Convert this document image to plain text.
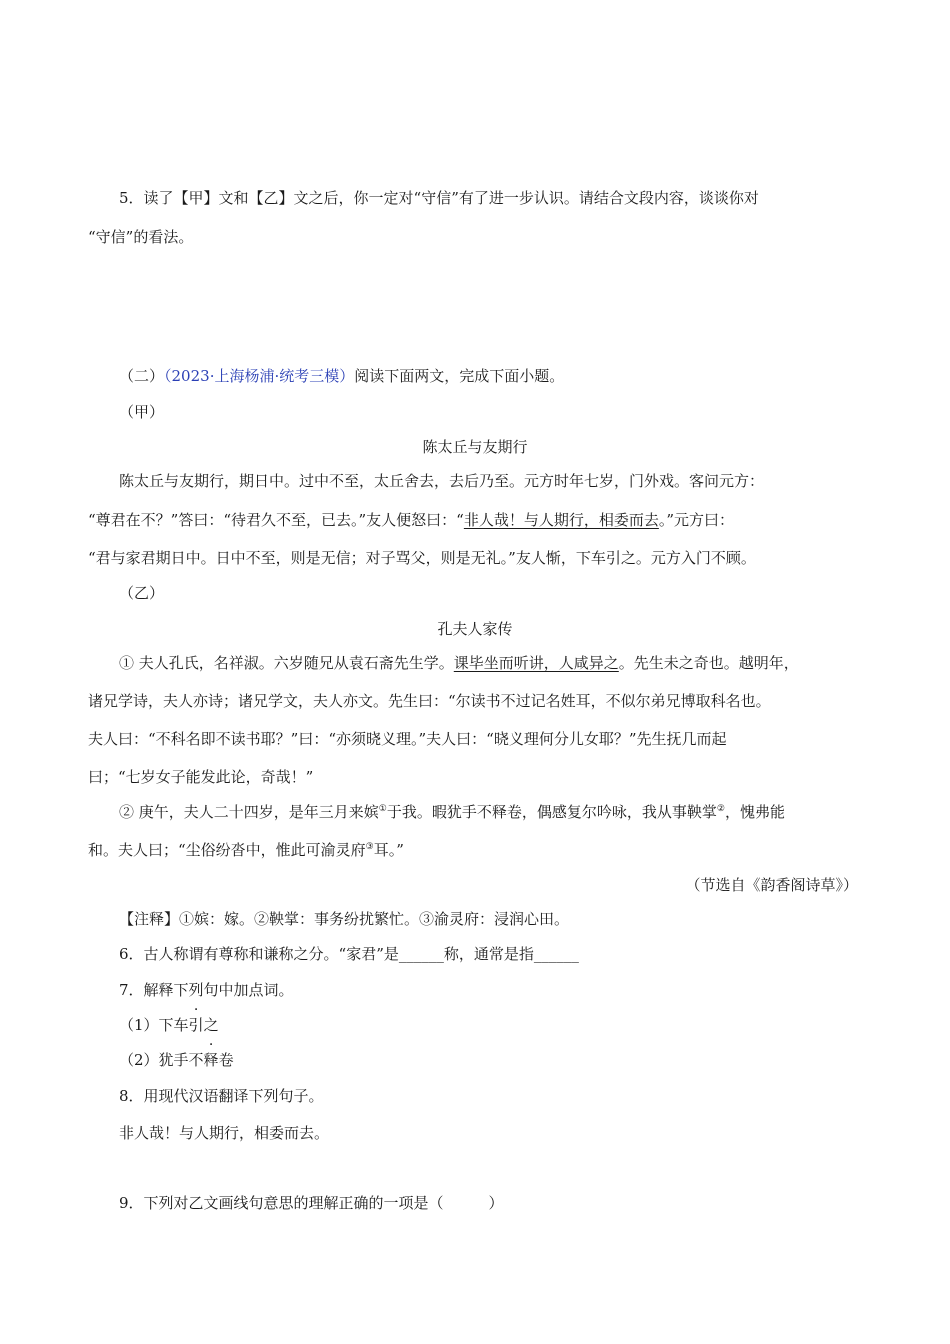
5．读了【甲】文和【乙】文之后，你一定对“守信”有了进一步认识。请结合文段内容，谈谈你对
“守信”的看法。
（二）（2023·上海杨浦·统考三模）阅读下面两文，完成下面小题。
（甲）
陈太丘与友期行
陈太丘与友期行，期日中。过中不至，太丘舍去，去后乃至。元方时年七岁，门外戏。客问元方：
“尊君在不？”答曰：“待君久不至，已去。”友人便怒曰：“非人哉！与人期行，相委而去。”元方曰：
“君与家君期日中。日中不至，则是无信；对子骂父，则是无礼。”友人惭，下车引之。元方入门不顾。
（乙）
孔夫人家传
① 夫人孔氏，名祥淑。六岁随兄从袁石斋先生学。课毕坐而听讲，人咸异之。先生未之奇也。越明年，
诸兄学诗，夫人亦诗；诸兄学文，夫人亦文。先生曰：“尔读书不过记名姓耳，不似尔弟兄博取科名也。
夫人曰：“不科名即不读书耶？”曰：“亦须晓义理。”夫人曰：“晓义理何分儿女耶？”先生抚几而起
曰；“七岁女子能发此论，奇哉！”
② 庚午，夫人二十四岁，是年三月来嫔①于我。暇犹手不释卷，偶感复尔吟咏，我从事鞅掌②，愧弗能
和。夫人曰；“尘俗纷沓中，惟此可渝灵府③耳。”
（节选自《韵香阁诗草》）
【注释】①嫔：嫁。②鞅掌：事务纷扰繁忙。③渝灵府：浸润心田。
6．古人称谓有尊称和谦称之分。“家君”是______称，通常是指______
7．解释下列句中加点词。
（1）下车引之
（2）犹手不释卷
8．用现代汉语翻译下列句子。
非人哉！与人期行，相委而去。
9．下列对乙文画线句意思的理解正确的一项是（　　　）
